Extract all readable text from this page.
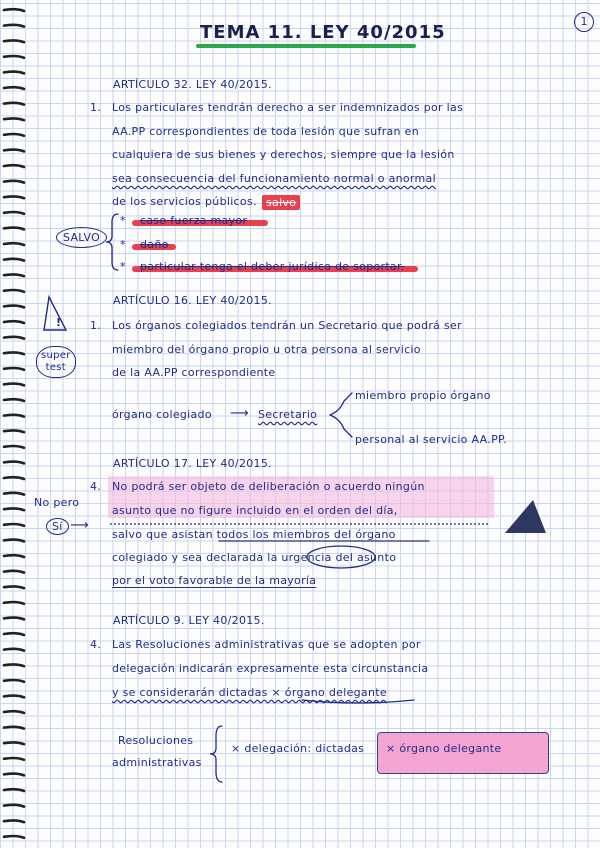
1
TEMA 11. LEY 40/2015
ARTÍCULO 32. LEY 40/2015.
1. Los particulares tendrán derecho a ser indemnizados por las
AA.PP correspondientes de toda lesión que sufran en
cualquiera de sus bienes y derechos, siempre que la lesión
sea consecuencia del funcionamiento normal o anormal
de los servicios públicos. salvo
SALVO
* caso fuerza mayor
* daño
* particular tenga el deber jurídico de soportar.
ARTÍCULO 16. LEY 40/2015.
1. Los órganos colegiados tendrán un Secretario que podrá ser
miembro del órgano propio u otra persona al servicio
de la AA.PP correspondiente
!
super
test
órgano colegiado ⟶ Secretario
miembro propio órgano
personal al servicio AA.PP.
ARTÍCULO 17. LEY 40/2015.
4. No podrá ser objeto de deliberación o acuerdo ningún
asunto que no figure incluido en el orden del día,
salvo que asistan todos los miembros del órgano
colegiado y sea declarada la urgencia del asunto
por el voto favorable de la mayoría
No pero
Sí ⟶
ARTÍCULO 9. LEY 40/2015.
4. Las Resoluciones administrativas que se adopten por
delegación indicarán expresamente esta circunstancia
y se considerarán dictadas × órgano delegante
Resoluciones
administrativas
× delegación: dictadas × órgano delegante
